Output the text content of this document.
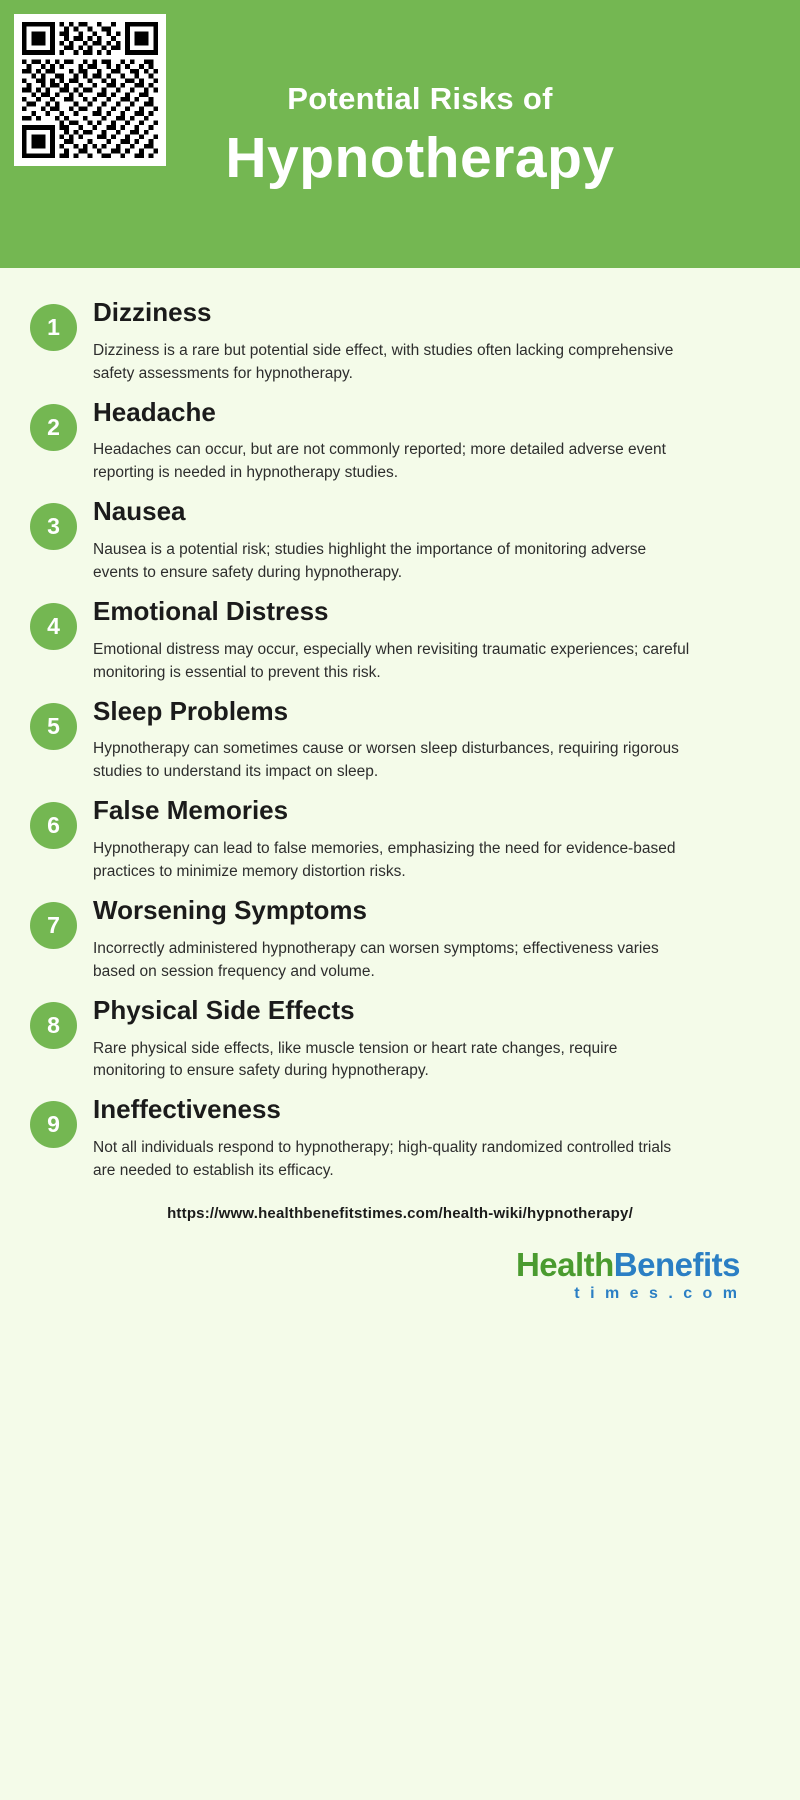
Potential Risks of
Hypnotherapy
1	Dizziness
Dizziness is a rare but potential side effect, with studies often lacking comprehensive safety assessments for hypnotherapy.
2	Headache
Headaches can occur, but are not commonly reported; more detailed adverse event reporting is needed in hypnotherapy studies.
3	Nausea
Nausea is a potential risk; studies highlight the importance of monitoring adverse events to ensure safety during hypnotherapy.
4	Emotional Distress
Emotional distress may occur, especially when revisiting traumatic experiences; careful monitoring is essential to prevent this risk.
5	Sleep Problems
Hypnotherapy can sometimes cause or worsen sleep disturbances, requiring rigorous studies to understand its impact on sleep.
6	False Memories
Hypnotherapy can lead to false memories, emphasizing the need for evidence-based practices to minimize memory distortion risks.
7	Worsening Symptoms
Incorrectly administered hypnotherapy can worsen symptoms; effectiveness varies based on session frequency and volume.
8	Physical Side Effects
Rare physical side effects, like muscle tension or heart rate changes, require monitoring to ensure safety during hypnotherapy.
9	Ineffectiveness
Not all individuals respond to hypnotherapy; high-quality randomized controlled trials are needed to establish its efficacy.
https://www.healthbenefitstimes.com/health-wiki/hypnotherapy/
HealthBenefits
t i m e s . c o m
